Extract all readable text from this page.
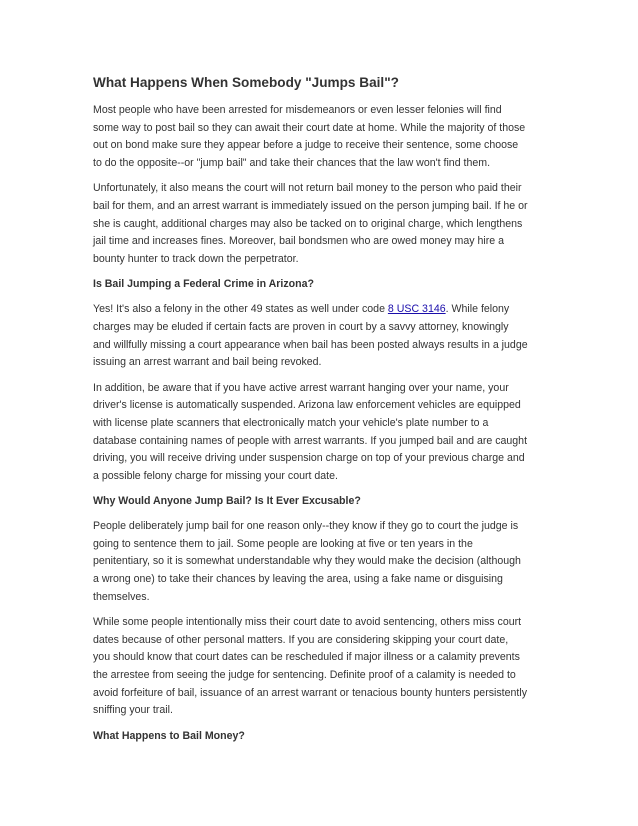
What Happens When Somebody "Jumps Bail"?

Most people who have been arrested for misdemeanors or even lesser felonies will find
some way to post bail so they can await their court date at home. While the majority of those
out on bond make sure they appear before a judge to receive their sentence, some choose
to do the opposite--or "jump bail" and take their chances that the law won't find them.

Unfortunately, it also means the court will not return bail money to the person who paid their
bail for them, and an arrest warrant is immediately issued on the person jumping bail. If he or
she is caught, additional charges may also be tacked on to original charge, which lengthens
jail time and increases fines. Moreover, bail bondsmen who are owed money may hire a
bounty hunter to track down the perpetrator.

Is Bail Jumping a Federal Crime in Arizona?

Yes! It's also a felony in the other 49 states as well under code 8 USC 3146. While felony
charges may be eluded if certain facts are proven in court by a savvy attorney, knowingly
and willfully missing a court appearance when bail has been posted always results in a judge
issuing an arrest warrant and bail being revoked.

In addition, be aware that if you have active arrest warrant hanging over your name, your
driver's license is automatically suspended. Arizona law enforcement vehicles are equipped
with license plate scanners that electronically match your vehicle's plate number to a
database containing names of people with arrest warrants. If you jumped bail and are caught
driving, you will receive driving under suspension charge on top of your previous charge and
a possible felony charge for missing your court date.

Why Would Anyone Jump Bail? Is It Ever Excusable?

People deliberately jump bail for one reason only--they know if they go to court the judge is
going to sentence them to jail. Some people are looking at five or ten years in the
penitentiary, so it is somewhat understandable why they would make the decision (although
a wrong one) to take their chances by leaving the area, using a fake name or disguising
themselves.

While some people intentionally miss their court date to avoid sentencing, others miss court
dates because of other personal matters. If you are considering skipping your court date,
you should know that court dates can be rescheduled if major illness or a calamity prevents
the arrestee from seeing the judge for sentencing. Definite proof of a calamity is needed to
avoid forfeiture of bail, issuance of an arrest warrant or tenacious bounty hunters persistently
sniffing your trail.

What Happens to Bail Money?
